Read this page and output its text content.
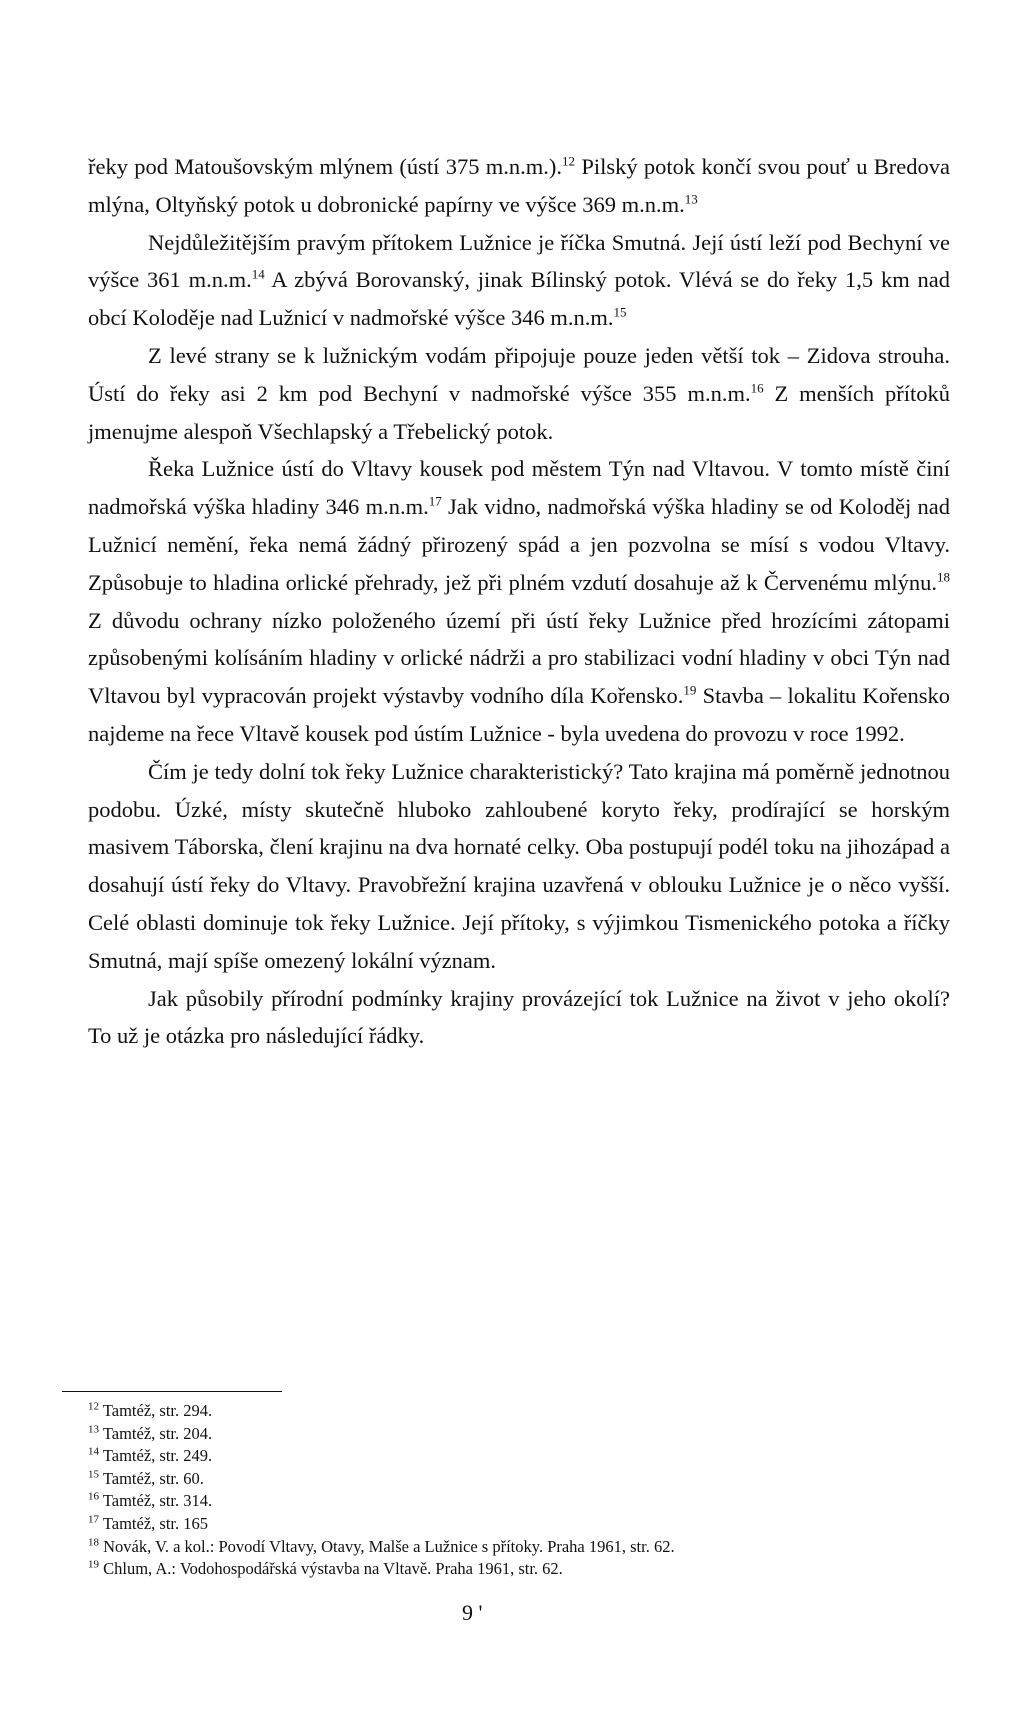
řeky pod Matoušovským mlýnem (ústí 375 m.n.m.).$^{12}$ Pilský potok končí svou pouť u Bredova mlýna, Oltyňský potok u dobronické papírny ve výšce 369 m.n.m.$^{13}$

Nejdůležitějším pravým přítokem Lužnice je říčka Smutná. Její ústí leží pod Bechyní ve výšce 361 m.n.m.$^{14}$ A zbývá Borovanský, jinak Bílinský potok. Vlévá se do řeky 1,5 km nad obcí Koloděje nad Lužnicí v nadmořské výšce 346 m.n.m.$^{15}$

Z levé strany se k lužnickým vodám připojuje pouze jeden větší tok – Zidova strouha. Ústí do řeky asi 2 km pod Bechyní v nadmořské výšce 355 m.n.m.$^{16}$ Z menších přítoků jmenujme alespoň Všechlapský a Třebelický potok.

Řeka Lužnice ústí do Vltavy kousek pod městem Týn nad Vltavou. V tomto místě činí nadmořská výška hladiny 346 m.n.m.$^{17}$ Jak vidno, nadmořská výška hladiny se od Koloděj nad Lužnicí nemění, řeka nemá žádný přirozený spád a jen pozvolna se mísí s vodou Vltavy. Způsobuje to hladina orlické přehrady, jež při plném vzdutí dosahuje až k Červenému mlýnu.$^{18}$ Z důvodu ochrany nízko položeného území při ústí řeky Lužnice před hrozícími zátopami způsobenými kolísáním hladiny v orlické nádrži a pro stabilizaci vodní hladiny v obci Týn nad Vltavou byl vypracován projekt výstavby vodního díla Kořensko.$^{19}$ Stavba – lokalitu Kořensko najdeme na řece Vltavě kousek pod ústím Lužnice - byla uvedena do provozu v roce 1992.

Čím je tedy dolní tok řeky Lužnice charakteristický? Tato krajina má poměrně jednotnou podobu. Úzké, místy skutečně hluboko zahloubené koryto řeky, prodírající se horským masivem Táborska, člení krajinu na dva hornaté celky. Oba postupují podél toku na jihozápad a dosahují ústí řeky do Vltavy. Pravobřežní krajina uzavřená v oblouku Lužnice je o něco vyšší. Celé oblasti dominuje tok řeky Lužnice. Její přítoky, s výjimkou Tismenického potoka a říčky Smutná, mají spíše omezený lokální význam.

Jak působily přírodní podmínky krajiny provázející tok Lužnice na život v jeho okolí? To už je otázka pro následující řádky.

$^{12}$ Tamtéž, str. 294.
$^{13}$ Tamtéž, str. 204.
$^{14}$ Tamtéž, str. 249.
$^{15}$ Tamtéž, str. 60.
$^{16}$ Tamtéž, str. 314.
$^{17}$ Tamtéž, str. 165
$^{18}$ Novák, V. a kol.: Povodí Vltavy, Otavy, Malše a Lužnice s přítoky. Praha 1961, str. 62.
$^{19}$ Chlum, A.: Vodohospodářská výstavba na Vltavě. Praha 1961, str. 62.
9 '
